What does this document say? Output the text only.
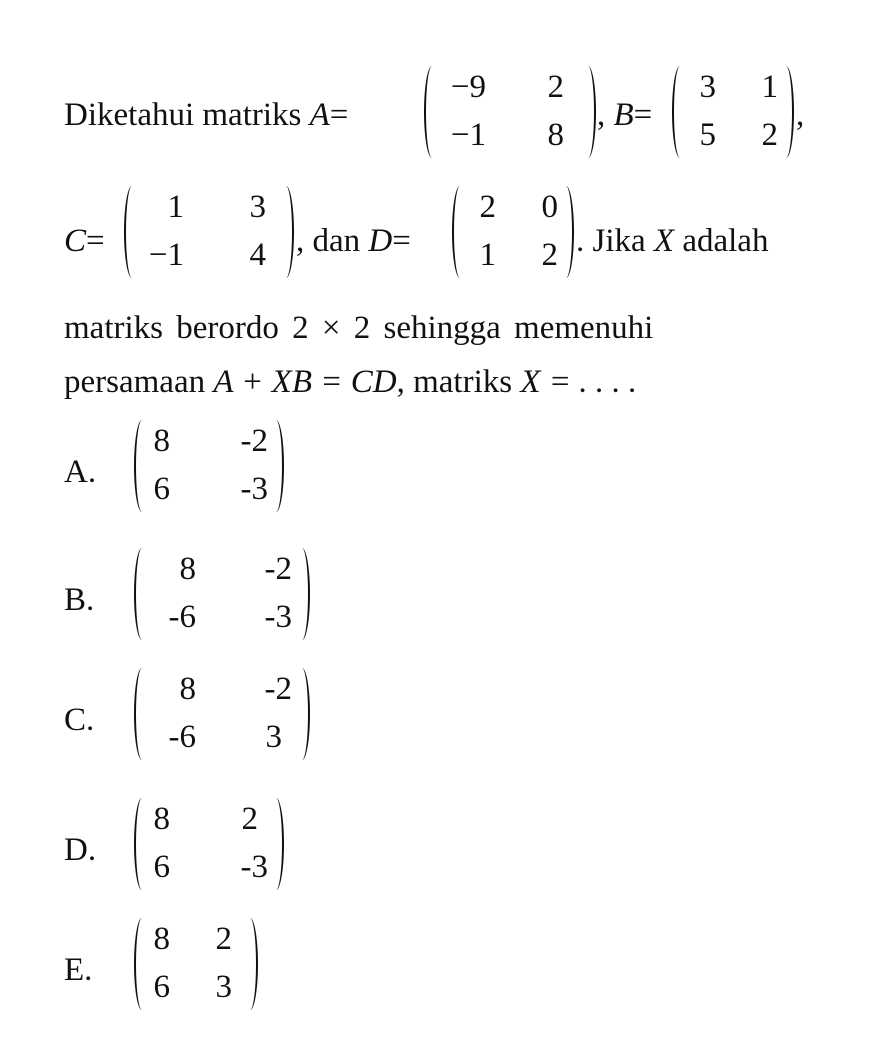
Diketahui matriks A=
−9	2
−1	8
, B=
3	1
5	2
,
C=
1	3
−1	4 , dan D=
2	0
1	2 . Jika X adalah
matriks berordo 2 × 2 sehingga memenuhi
persamaan A + XB = CD, matriks X = . . . .
A.
8	-2
6	-3
B.
8	-2
-6	-3
C.
8	-2
-6	3
D.
8	2
6	-3
E.
8 2
6 3
